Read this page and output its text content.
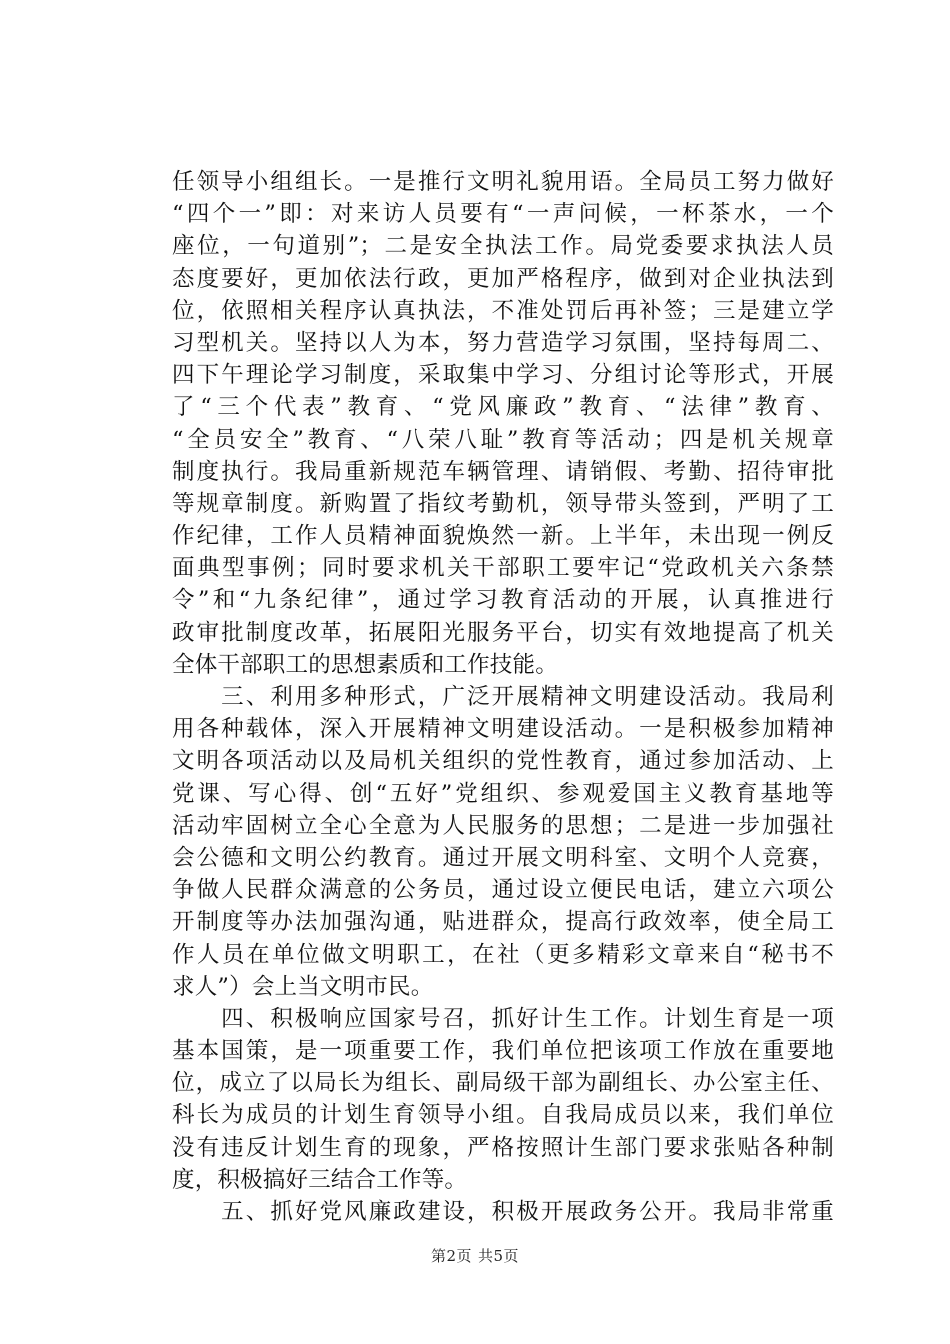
任领导小组组长。一是推行文明礼貌用语。全局员工努力做好
“四个一”即：对来访人员要有“一声问候，一杯茶水，一个
座位，一句道别”；二是安全执法工作。局党委要求执法人员
态度要好，更加依法行政，更加严格程序，做到对企业执法到
位，依照相关程序认真执法，不准处罚后再补签；三是建立学
习型机关。坚持以人为本，努力营造学习氛围，坚持每周二、
四下午理论学习制度，采取集中学习、分组讨论等形式，开展
了“三个代表”教育、“党风廉政”教育、“法律”教育、
“全员安全”教育、“八荣八耻”教育等活动；四是机关规章
制度执行。我局重新规范车辆管理、请销假、考勤、招待审批
等规章制度。新购置了指纹考勤机，领导带头签到，严明了工
作纪律，工作人员精神面貌焕然一新。上半年，未出现一例反
面典型事例；同时要求机关干部职工要牢记“党政机关六条禁
令”和“九条纪律”，通过学习教育活动的开展，认真推进行
政审批制度改革，拓展阳光服务平台，切实有效地提高了机关
全体干部职工的思想素质和工作技能。
　　三、利用多种形式，广泛开展精神文明建设活动。我局利
用各种载体，深入开展精神文明建设活动。一是积极参加精神
文明各项活动以及局机关组织的党性教育，通过参加活动、上
党课、写心得、创“五好”党组织、参观爱国主义教育基地等
活动牢固树立全心全意为人民服务的思想；二是进一步加强社
会公德和文明公约教育。通过开展文明科室、文明个人竞赛，
争做人民群众满意的公务员，通过设立便民电话，建立六项公
开制度等办法加强沟通，贴进群众，提高行政效率，使全局工
作人员在单位做文明职工，在社（更多精彩文章来自“秘书不
求人”）会上当文明市民。
　　四、积极响应国家号召，抓好计生工作。计划生育是一项
基本国策，是一项重要工作，我们单位把该项工作放在重要地
位，成立了以局长为组长、副局级干部为副组长、办公室主任、
科长为成员的计划生育领导小组。自我局成员以来，我们单位
没有违反计划生育的现象，严格按照计生部门要求张贴各种制
度，积极搞好三结合工作等。
　　五、抓好党风廉政建设，积极开展政务公开。我局非常重
第2页 共5页
